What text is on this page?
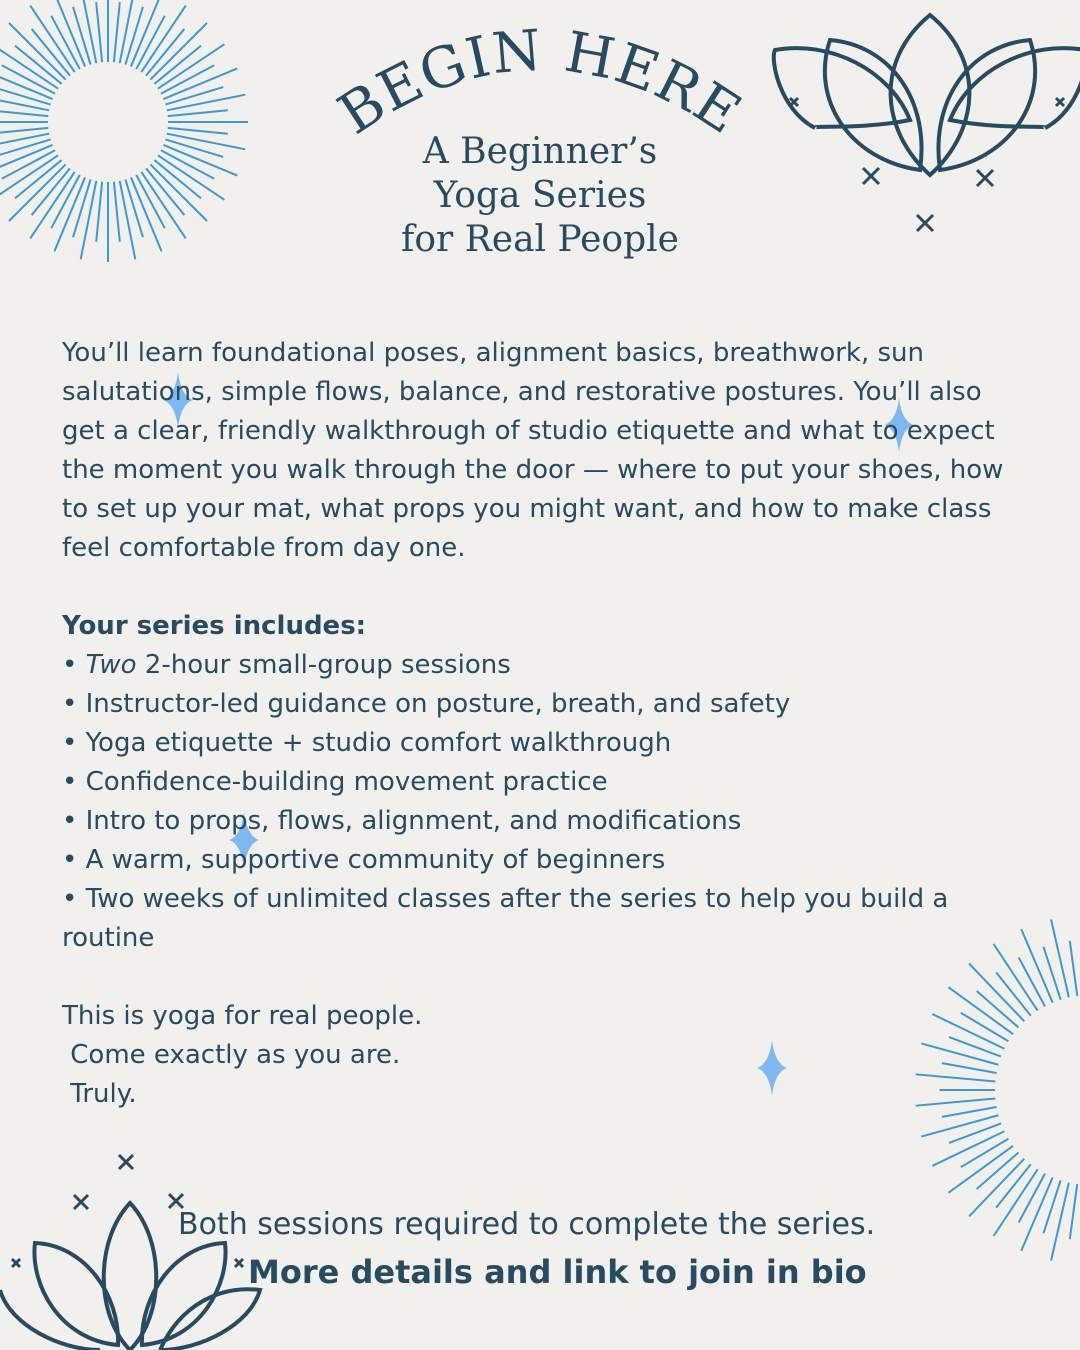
BEGIN HERE
A Beginner’s
Yoga Series
for Real People

You’ll learn foundational poses, alignment basics, breathwork, sun salutations, simple flows, balance, and restorative postures. You’ll also get a clear, friendly walkthrough of studio etiquette and what to expect the moment you walk through the door — where to put your shoes, how to set up your mat, what props you might want, and how to make class feel comfortable from day one.

Your series includes:

• Two 2-hour small-group sessions
• Instructor-led guidance on posture, breath, and safety
• Yoga etiquette + studio comfort walkthrough
• Confidence-building movement practice
• Intro to props, flows, alignment, and modifications
• A warm, supportive community of beginners
• Two weeks of unlimited classes after the series to help you build a routine
This is yoga for real people.
Come exactly as you are.
Truly.
Both sessions required to complete the series.
More details and link to join in bio
